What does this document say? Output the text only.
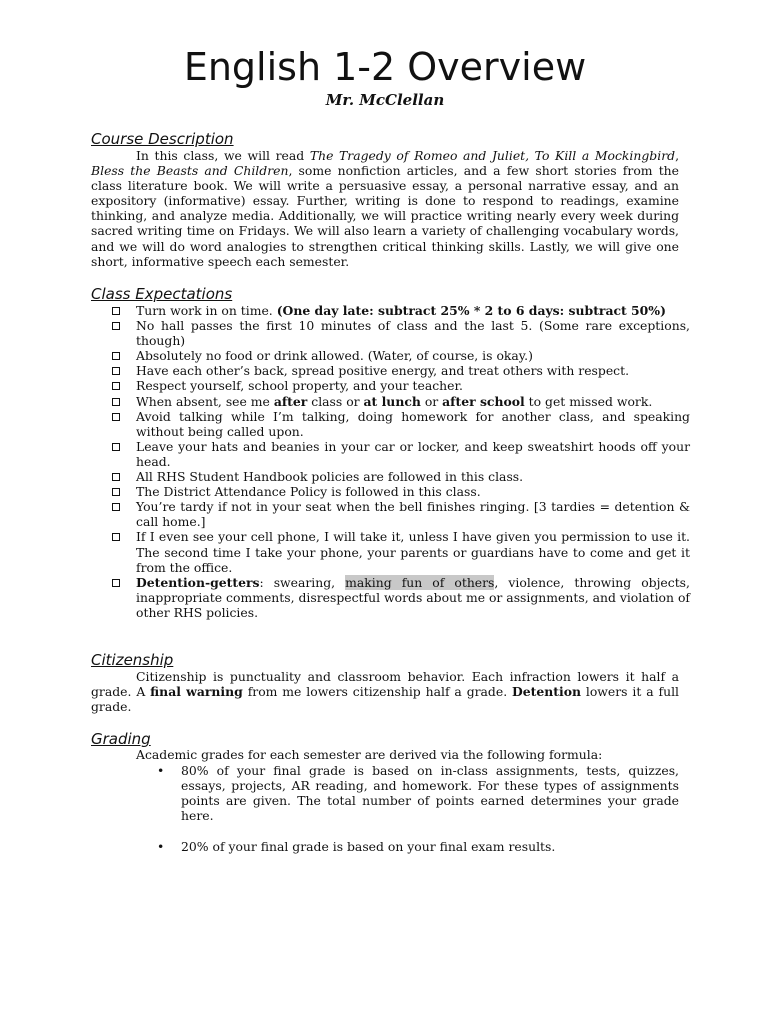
English 1-2 Overview
Mr. McClellan
Course Description

In this class, we will read The Tragedy of Romeo and Juliet, To Kill a Mockingbird, Bless the Beasts and Children, some nonfiction articles, and a few short stories from the class literature book. We will write a persuasive essay, a personal narrative essay, and an expository (informative) essay. Further, writing is done to respond to readings, examine thinking, and analyze media. Additionally, we will practice writing nearly every week during sacred writing time on Fridays. We will also learn a variety of challenging vocabulary words, and we will do word analogies to strengthen critical thinking skills. Lastly, we will give one short, informative speech each semester.

Class Expectations
Turn work in on time. (One day late: subtract 25% * 2 to 6 days: subtract 50%)
No hall passes the first 10 minutes of class and the last 5. (Some rare exceptions, though)
Absolutely no food or drink allowed. (Water, of course, is okay.)
Have each other’s back, spread positive energy, and treat others with respect.
Respect yourself, school property, and your teacher.
When absent, see me after class or at lunch or after school to get missed work.
Avoid talking while I’m talking, doing homework for another class, and speaking without being called upon.
Leave your hats and beanies in your car or locker, and keep sweatshirt hoods off your head.
All RHS Student Handbook policies are followed in this class.
The District Attendance Policy is followed in this class.
You’re tardy if not in your seat when the bell finishes ringing. [3 tardies = detention & call home.]
If I even see your cell phone, I will take it, unless I have given you permission to use it. The second time I take your phone, your parents or guardians have to come and get it from the office.
Detention-getters: swearing, making fun of others, violence, throwing objects, inappropriate comments, disrespectful words about me or assignments, and violation of other RHS policies.
Citizenship

Citizenship is punctuality and classroom behavior. Each infraction lowers it half a grade. A final warning from me lowers citizenship half a grade. Detention lowers it a full grade.

Grading

Academic grades for each semester are derived via the following formula:

• 80% of your final grade is based on in-class assignments, tests, quizzes, essays, projects, AR reading, and homework. For these types of assignments points are given. The total number of points earned determines your grade here.
• 20% of your final grade is based on your final exam results.
